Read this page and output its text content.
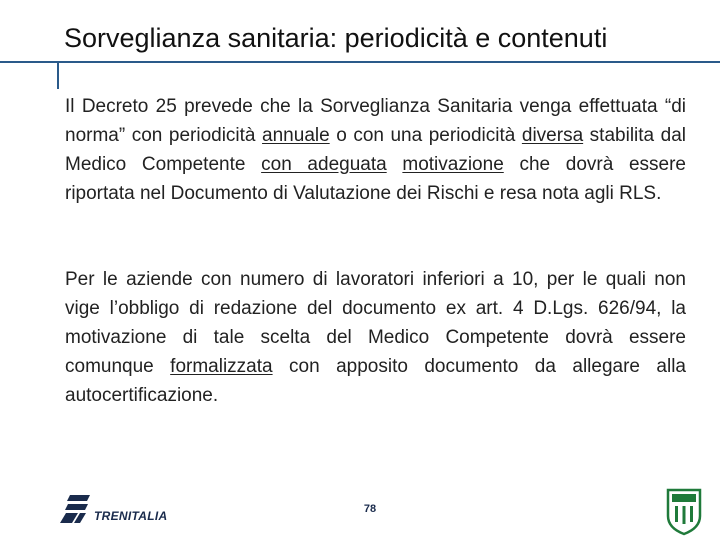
Sorveglianza sanitaria: periodicità e contenuti
Il Decreto 25 prevede che la Sorveglianza Sanitaria venga effettuata “di norma” con periodicità annuale o con una periodicità diversa stabilita dal Medico Competente con adeguata motivazione che dovrà essere riportata nel Documento di Valutazione dei Rischi e resa nota agli RLS.
Per le aziende con numero di lavoratori inferiori a 10, per le quali non vige l’obbligo di redazione del documento ex art. 4 D.Lgs. 626/94, la motivazione di tale scelta del Medico Competente dovrà essere comunque formalizzata con apposito documento da allegare alla autocertificazione.
TRENITALIA	78
